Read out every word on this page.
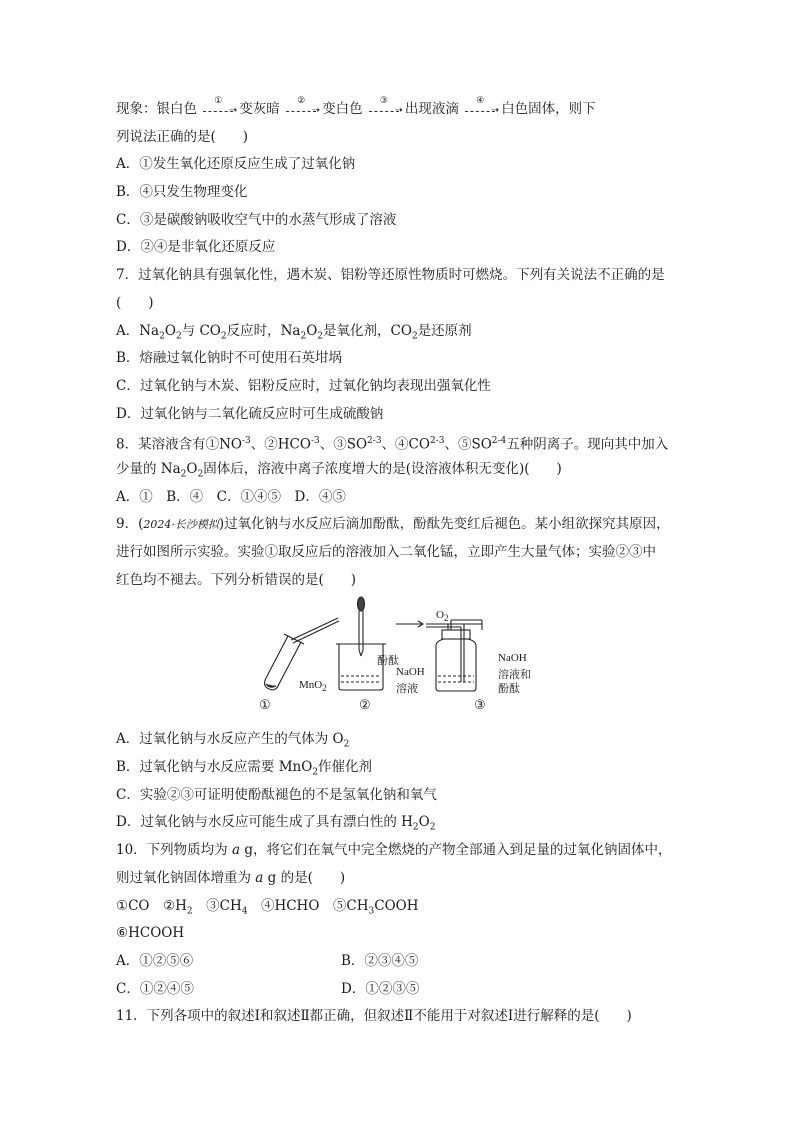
现象：银白色
①
➝ 变灰暗
②
➝ 变白色
③
➝ 出现液滴
④
➝ 白色固体，则下
列说法正确的是(　　)
A．①发生氧化还原反应生成了过氧化钠
B．④只发生物理变化
C．③是碳酸钠吸收空气中的水蒸气形成了溶液
D．②④是非氧化还原反应
7．过氧化钠具有强氧化性，遇木炭、铝粉等还原性物质时可燃烧。下列有关说法不正确的是
(　　)
A．$Na_2O_2$与 $CO_2$反应时，$Na_2O_2$是氧化剂，$CO_2$是还原剂
B．熔融过氧化钠时不可使用石英坩埚
C．过氧化钠与木炭、铝粉反应时，过氧化钠均表现出强氧化性
D．过氧化钠与二氧化硫反应时可生成硫酸钠
8．某溶液含有$①NO^{-3}$、$②HCO^{-3}$、③SO$^{2-3}$、④CO$^{2-3}$、⑤SO$^{2-4}$五种阴离子。现向其中加入
少量的 $Na_2O_2$固体后，溶液中离子浓度增大的是(设溶液体积无变化)(　　)
A．①　B．④　C．①④⑤　D．④⑤
9．(2024·长沙模拟)过氧化钠与水反应后滴加酚酞，酚酞先变红后褪色。某小组欲探究其原因，
进行如图所示实验。实验①取反应后的溶液加入二氧化锰，立即产生大量气体；实验②③中
红色均不褪去。下列分析错误的是(　　)
MnO$_2$
酚酞
NaOH
溶液
$O_2$
NaOH
溶液和
酚酞
①	②	③
A．过氧化钠与水反应产生的气体为 $O_2$
B．过氧化钠与水反应需要 MnO$_2$作催化剂
C．实验②③可证明使酚酞褪色的不是氢氧化钠和氧气
D．过氧化钠与水反应可能生成了具有漂白性的 $H_2O_2$
10．下列物质均为 a g，将它们在氧气中完全燃烧的产物全部通入到足量的过氧化钠固体中，
则过氧化钠固体增重为 a g 的是(　　)
①CO　$②H_2$　$③CH_4$　④HCHO　$⑤CH_3COOH$
⑥HCOOH
A．①②⑤⑥	B．②③④⑤
C．①②④⑤	D．①②③⑤
11．下列各项中的叙述Ⅰ和叙述Ⅱ都正确，但叙述Ⅱ不能用于对叙述Ⅰ进行解释的是(　　)
